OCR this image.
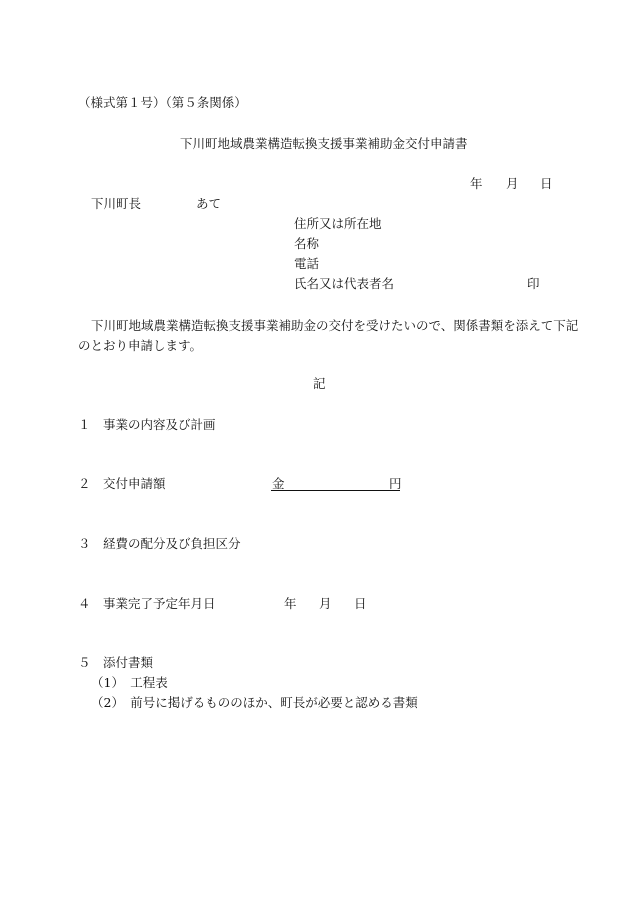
（様式第１号）（第５条関係）
下川町地域農業構造転換支援事業補助金交付申請書
年 月 日
下川町長	あて
住所又は所在地
名称
電話
氏名又は代表者名	印
下川町地域農業構造転換支援事業補助金の交付を受けたいので、関係書類を添えて下記
のとおり申請します。
記
１　事業の内容及び計画
２　交付申請額	金	円
３　経費の配分及び負担区分
４　事業完了予定年月日	年 月 日
５　添付書類
（1）　工程表
（2）　前号に掲げるもののほか、町長が必要と認める書類
